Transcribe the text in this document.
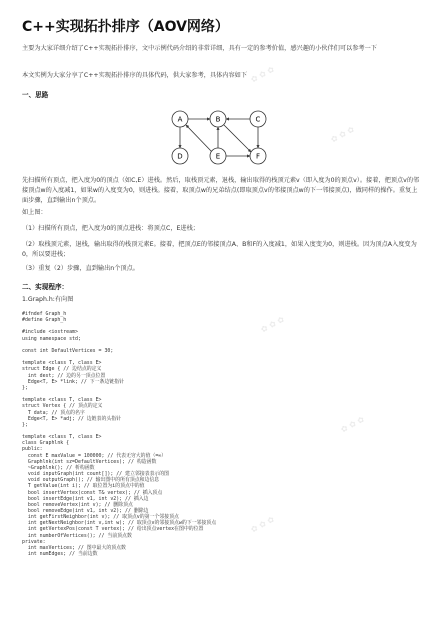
✿ ✿ ✿
✿ ✿ ✿
✿ ✿ ✿
✿ ✿ ✿
✿ ✿ ✿
C++实现拓扑排序（AOV网络）
主要为大家详细介绍了C++实现拓扑排序，文中示例代码介绍的非常详细，具有一定的参考价值，感兴趣的小伙伴们可以参考一下
本文实例为大家分享了C++实现拓扑排序的具体代码，供大家参考，具体内容如下
一、思路
A	B	C
D	E	F
先扫描所有顶点，把入度为0的顶点（如C,E）进栈。然后，取栈顶元素，退栈，输出取得的栈顶元素v（即入度为0的顶点v）。接着，把顶点v的邻接顶点w的入度减1，如果w的入度变为0，则进栈。接着，取顶点w的兄弟结点(即取顶点v的邻接顶点w的下一邻接顶点)，做同样的操作。重复上面步骤，直到输出n个顶点。
如上图：
（1）扫描所有顶点，把入度为0的顶点进栈：将顶点C，E进栈；
（2）取栈顶元素，退栈，输出取得的栈顶元素E。接着，把顶点E的邻接顶点A、B和F的入度减1，如果入度变为0，则进栈。因为顶点A入度变为0，所以要进栈；
（3）重复（2）步骤，直到输出n个顶点。
二、实现程序：
1.Graph.h:有向图
#ifndef Graph_h
#define Graph_h

#include <iostream>
using namespace std;

const int DefaultVertices = 30;

template <class T, class E>
struct Edge { // 边结点的定义
int dest; // 边的另一顶点位置
Edge<T, E> *link; // 下一条边链指针
};

template <class T, class E>
struct Vertex { // 顶点的定义
T data; // 顶点的名字
Edge<T, E> *adj; // 边链表的头指针
};

template <class T, class E>
class Graphlnk {
public:
const E maxValue = 100000; // 代表无穷大的值（=∞）
Graphlnk(int sz=DefaultVertices); // 构造函数
~Graphlnk(); // 析构函数
void inputGraph(int count[]); // 建立邻接表表示的图
void outputGraph(); // 输出图中的所有顶点和边信息
T getValue(int i); // 取位置为i的顶点中的值
bool insertVertex(const T& vertex); // 插入顶点
bool insertEdge(int v1, int v2); // 插入边
bool removeVertex(int v); // 删除顶点
bool removeEdge(int v1, int v2); // 删除边
int getFirstNeighbor(int v); // 取顶点v的第一个邻接顶点
int getNextNeighbor(int v,int w); // 取顶点v的邻接顶点w的下一邻接顶点
int getVertexPos(const T vertex); // 给出顶点vertex在图中的位置
int numberOfVertices(); // 当前顶点数
private:
int maxVertices; // 图中最大的顶点数
int numEdges; // 当前边数
